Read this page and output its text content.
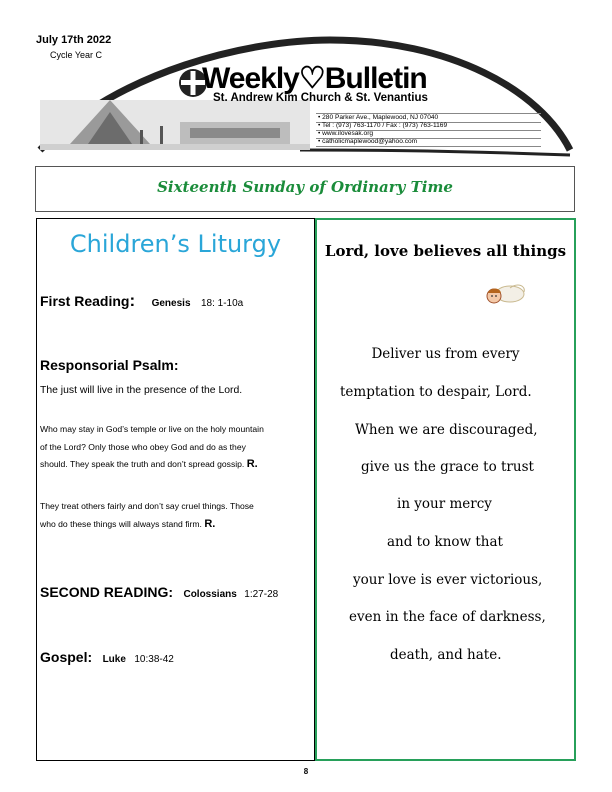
July 17th 2022
Cycle Year C
Weekly♡Bulletin
St. Andrew Kim Church & St. Venantius
• 280 Parker Ave., Maplewood, NJ 07040
• Tel : (973) 763-1170 / Fax : (973) 763-1169
• www.ilovesak.org
• catholicmaplewood@yahoo.com
Sixteenth Sunday of Ordinary Time
Children’s Liturgy
First Reading: Genesis 18: 1-10a
Responsorial Psalm:
The just will live in the presence of the Lord.
Who may stay in God’s temple or live on the holy mountain
of the Lord? Only those who obey God and do as they
should. They speak the truth and don’t spread gossip. R.
They treat others fairly and don’t say cruel things. Those
who do these things will always stand firm. R.
SECOND READING: Colossians 1:27-28
Gospel: Luke 10:38-42
Lord, love believes all things
Deliver us from every
temptation to despair, Lord.
When we are discouraged,
give us the grace to trust
in your mercy
and to know that
your love is ever victorious,
even in the face of darkness,
death, and hate.
8
